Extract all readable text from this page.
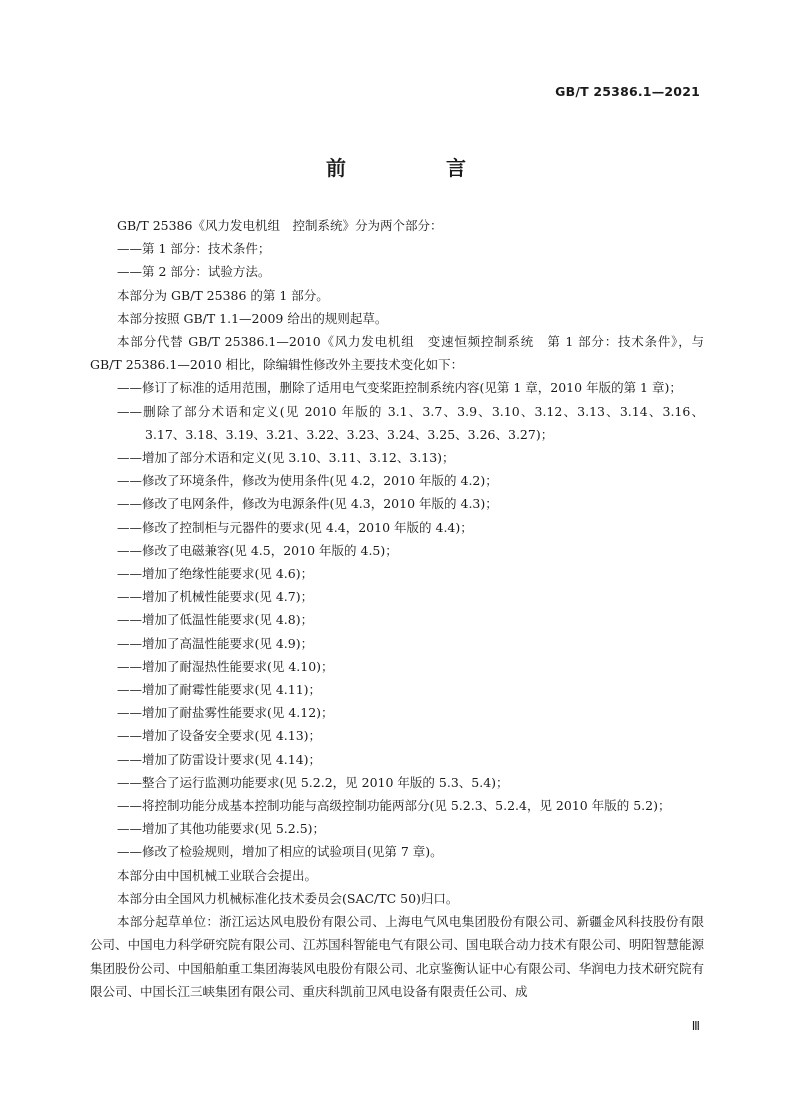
GB/T 25386.1—2021
前　言

GB/T 25386《风力发电机组　控制系统》分为两个部分：

——第 1 部分：技术条件；

——第 2 部分：试验方法。

本部分为 GB/T 25386 的第 1 部分。

本部分按照 GB/T 1.1—2009 给出的规则起草。

本部分代替 GB/T 25386.1—2010《风力发电机组　变速恒频控制系统　第 1 部分：技术条件》，与 GB/T 25386.1—2010 相比，除编辑性修改外主要技术变化如下：

——修订了标准的适用范围，删除了适用电气变桨距控制系统内容(见第 1 章，2010 年版的第 1 章)；

——删除了部分术语和定义(见 2010 年版的 3.1、3.7、3.9、3.10、3.12、3.13、3.14、3.16、3.17、3.18、3.19、3.21、3.22、3.23、3.24、3.25、3.26、3.27)；

——增加了部分术语和定义(见 3.10、3.11、3.12、3.13)；

——修改了环境条件，修改为使用条件(见 4.2，2010 年版的 4.2)；

——修改了电网条件，修改为电源条件(见 4.3，2010 年版的 4.3)；

——修改了控制柜与元器件的要求(见 4.4，2010 年版的 4.4)；

——修改了电磁兼容(见 4.5，2010 年版的 4.5)；

——增加了绝缘性能要求(见 4.6)；

——增加了机械性能要求(见 4.7)；

——增加了低温性能要求(见 4.8)；

——增加了高温性能要求(见 4.9)；

——增加了耐湿热性能要求(见 4.10)；

——增加了耐霉性能要求(见 4.11)；

——增加了耐盐雾性能要求(见 4.12)；

——增加了设备安全要求(见 4.13)；

——增加了防雷设计要求(见 4.14)；

——整合了运行监测功能要求(见 5.2.2，见 2010 年版的 5.3、5.4)；

——将控制功能分成基本控制功能与高级控制功能两部分(见 5.2.3、5.2.4，见 2010 年版的 5.2)；

——增加了其他功能要求(见 5.2.5)；

——修改了检验规则，增加了相应的试验项目(见第 7 章)。

本部分由中国机械工业联合会提出。

本部分由全国风力机械标准化技术委员会(SAC/TC 50)归口。

本部分起草单位：浙江运达风电股份有限公司、上海电气风电集团股份有限公司、新疆金风科技股份有限公司、中国电力科学研究院有限公司、江苏国科智能电气有限公司、国电联合动力技术有限公司、明阳智慧能源集团股份公司、中国船舶重工集团海装风电股份有限公司、北京鉴衡认证中心有限公司、华润电力技术研究院有限公司、中国长江三峡集团有限公司、重庆科凯前卫风电设备有限责任公司、成

Ⅲ
